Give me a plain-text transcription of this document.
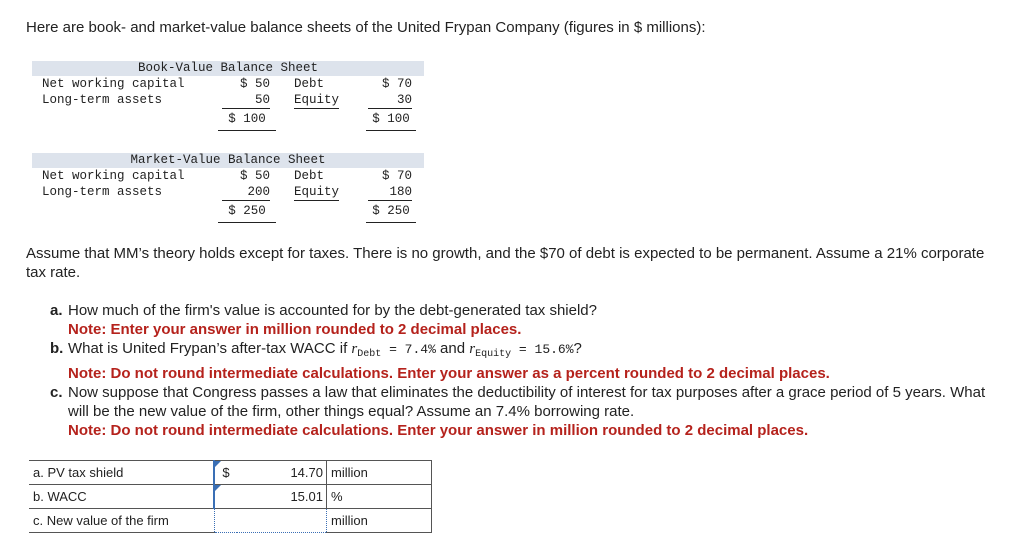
Here are book- and market-value balance sheets of the United Frypan Company (figures in $ millions):
Book-Value Balance Sheet
Net working capital	$ 50 Debt	$ 70
Long-term assets	50 Equity	30
$ 100	$ 100
Market-Value Balance Sheet
Net working capital	$ 50 Debt	$ 70
Long-term assets	200 Equity	180
$ 250	$ 250
Assume that MM’s theory holds except for taxes. There is no growth, and the $70 of debt is expected to be permanent. Assume a 21% corporate tax rate.
a. How much of the firm's value is accounted for by the debt-generated tax shield?
Note: Enter your answer in million rounded to 2 decimal places.
b. What is United Frypan’s after-tax WACC if $r_{Debt} = 7.4\%$ and $r_{Equity} = 15.6\%$?
Note: Do not round intermediate calculations. Enter your answer as a percent rounded to 2 decimal places.
c. Now suppose that Congress passes a law that eliminates the deductibility of interest for tax purposes after a grace period of 5 years. What will be the new value of the firm, other things equal? Assume an 7.4% borrowing rate.
Note: Do not round intermediate calculations. Enter your answer in million rounded to 2 decimal places.
a. PV tax shield	$	14.70	million
b. WACC		15.01	%
c. New value of the firm			million
